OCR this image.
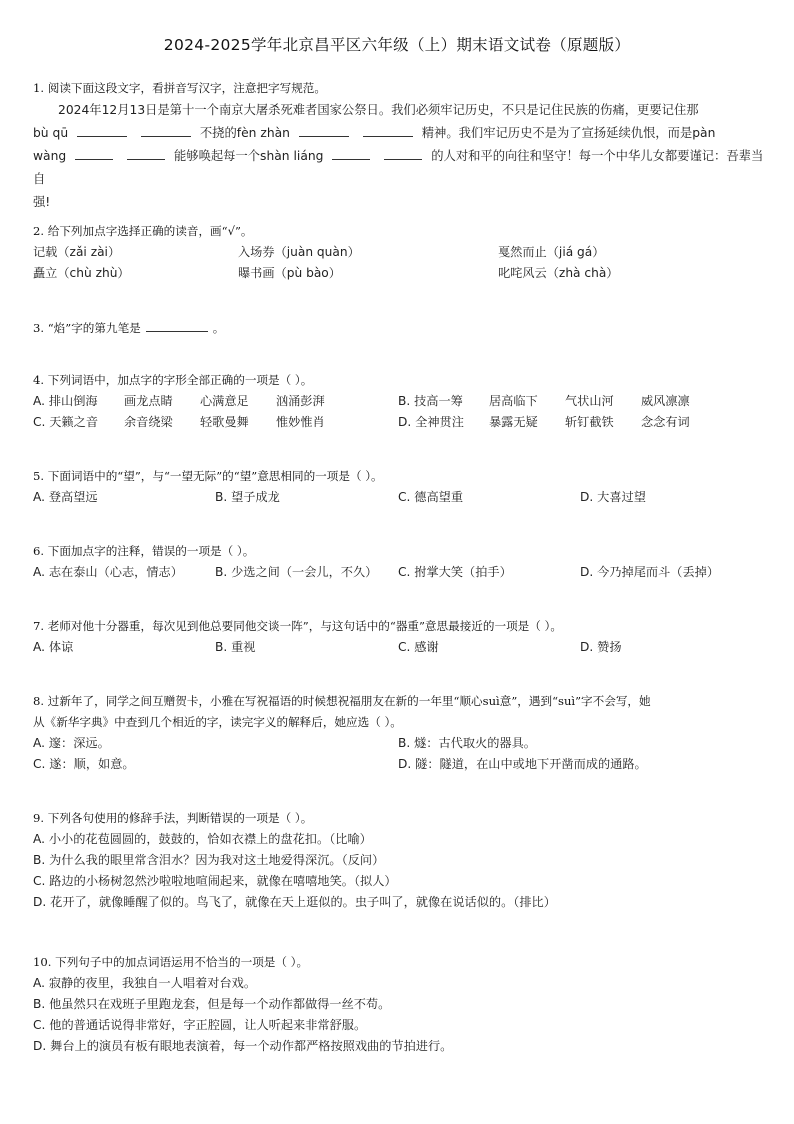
2024-2025学年北京昌平区六年级（上）期末语文试卷（原题版）
1. 阅读下面这段文字，看拼音写汉字，注意把字写规范。
2024年12月13日是第十一个南京大屠杀死难者国家公祭日。我们必须牢记历史，不只是记住民族的伤痛，更要记住那
bù qū	不挠的fèn zhàn	精神。我们牢记历史不是为了宣扬延续仇恨，而是pàn
wàng	能够唤起每一个shàn liáng	的人对和平的向往和坚守！每一个中华儿女都要谨记：吾辈当自
强!
2. 给下列加点字选择正确的读音，画“√”。
记载（zǎi zài）	入场券（juàn quàn）	戛然而止（jiá gá）
矗立（chù zhù）	曝书画（pù bào）	叱咤风云（zhà chà）
3. “焰”字的第九笔是	。
4. 下列词语中，加点字的字形全部正确的一项是（ ）。
A. 排山倒海 画龙点睛 心满意足 汹涌彭湃	B. 技高一筹 居高临下 气状山河 威风凛凛
C. 天籁之音 余音绕梁 轻歌曼舞 惟妙惟肖	D. 全神贯注 暴露无疑 斩钉截铁 念念有词
5. 下面词语中的“望”，与“一望无际”的“望”意思相同的一项是（ ）。
A. 登高望远	B. 望子成龙	C. 德高望重	D. 大喜过望
6. 下面加点字的注释，错误的一项是（ ）。
A. 志在泰山（心志，情志）	B. 少选之间（一会儿，不久） C. 拊掌大笑（拍手）	D. 今乃掉尾而斗（丢掉）
7. 老师对他十分器重，每次见到他总要同他交谈一阵”，与这句话中的“器重”意思最接近的一项是（ ）。
A. 体谅	B. 重视	C. 感谢	D. 赞扬
8. 过新年了，同学之间互赠贺卡，小雅在写祝福语的时候想祝福朋友在新的一年里“顺心suì意”，遇到“suì”字不会写，她
从《新华字典》中查到几个相近的字，读完字义的解释后，她应选（ ）。
A. 邃：深远。	B. 燧：古代取火的器具。
C. 遂：顺，如意。	D. 隧：隧道，在山中或地下开凿而成的通路。
9. 下列各句使用的修辞手法，判断错误的一项是（ ）。
A. 小小的花苞圆圆的，鼓鼓的，恰如衣襟上的盘花扣。（比喻）
B. 为什么我的眼里常含泪水？因为我对这土地爱得深沉。（反问）
C. 路边的小杨树忽然沙啦啦地喧闹起来，就像在嘻嘻地笑。（拟人）
D. 花开了，就像睡醒了似的。鸟飞了，就像在天上逛似的。虫子叫了，就像在说话似的。（排比）
10. 下列句子中的加点词语运用不恰当的一项是（ ）。
A. 寂静的夜里，我独自一人唱着对台戏。
B. 他虽然只在戏班子里跑龙套，但是每一个动作都做得一丝不苟。
C. 他的普通话说得非常好，字正腔圆，让人听起来非常舒服。
D. 舞台上的演员有板有眼地表演着，每一个动作都严格按照戏曲的节拍进行。
